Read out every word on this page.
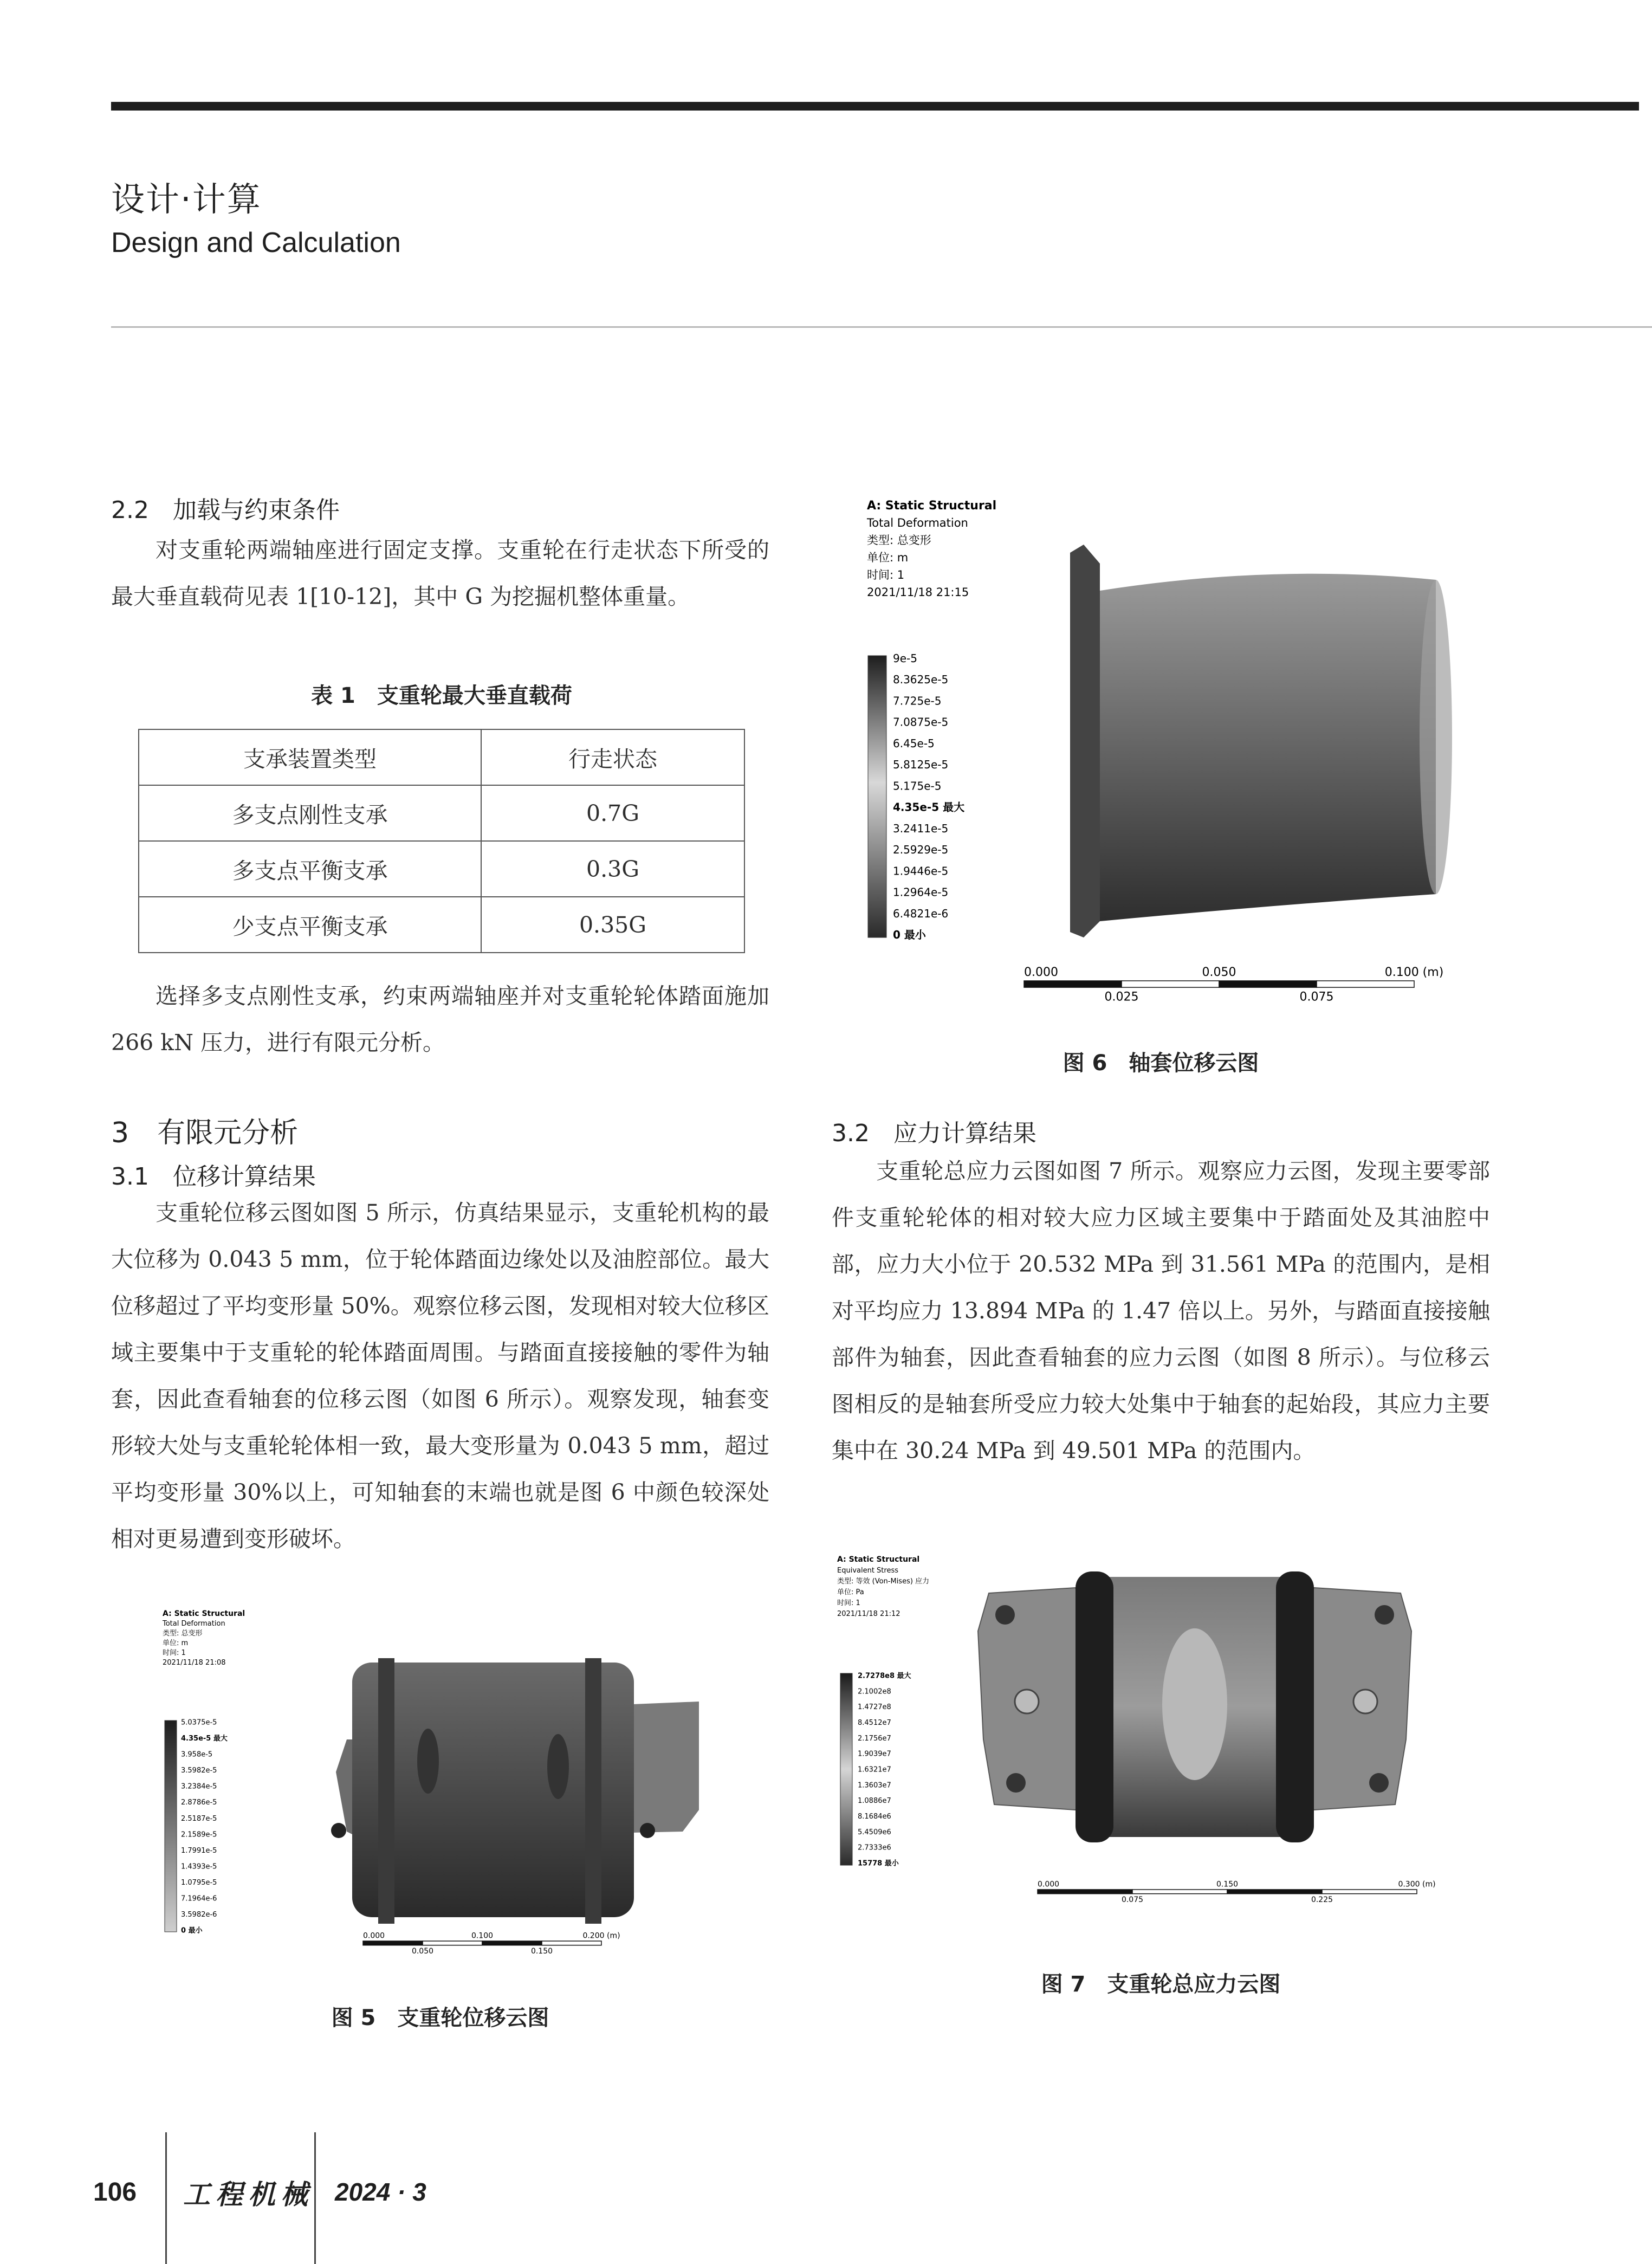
设计·计算
Design and Calculation
2.2　加载与约束条件

对支重轮两端轴座进行固定支撑。支重轮在行走状态下所受的最大垂直载荷见表 1[10-12]，其中 G 为挖掘机整体重量。

表 1　支重轮最大垂直载荷
支承装置类型	行走状态
多支点刚性支承	0.7G
多支点平衡支承	0.3G
少支点平衡支承	0.35G

选择多支点刚性支承，约束两端轴座并对支重轮轮体踏面施加 266 kN 压力，进行有限元分析。

3　有限元分析
3.1　位移计算结果

支重轮位移云图如图 5 所示，仿真结果显示，支重轮机构的最大位移为 0.043 5 mm，位于轮体踏面边缘处以及油腔部位。最大位移超过了平均变形量 50%。观察位移云图，发现相对较大位移区域主要集中于支重轮的轮体踏面周围。与踏面直接接触的零件为轴套，因此查看轴套的位移云图（如图 6 所示）。观察发现，轴套变形较大处与支重轮轮体相一致，最大变形量为 0.043 5 mm，超过平均变形量 30%以上，可知轴套的末端也就是图 6 中颜色较深处相对更易遭到变形破坏。

A: Static Structural
Total Deformation
类型: 总变形
单位: m
时间: 1
2021/11/18 21:08
5.0375e-5
4.35e-5 最大
3.958e-5
3.5982e-5
3.2384e-5
2.8786e-5
2.5187e-5
2.1589e-5
1.7991e-5
1.4393e-5
1.0795e-5
7.1964e-6
3.5982e-6
0 最小
0.000	0.100	0.200 (m)
0.050	0.150
图 5　支重轮位移云图
A: Static Structural
Total Deformation
类型: 总变形
单位: m
时间: 1
2021/11/18 21:15
9e-5
8.3625e-5
7.725e-5
7.0875e-5
6.45e-5
5.8125e-5
5.175e-5
4.35e-5 最大
3.2411e-5
2.5929e-5
1.9446e-5
1.2964e-5
6.4821e-6
0 最小
0.000	0.050	0.100 (m)
0.025	0.075
图 6　轴套位移云图
3.2　应力计算结果

支重轮总应力云图如图 7 所示。观察应力云图，发现主要零部件支重轮轮体的相对较大应力区域主要集中于踏面处及其油腔中部，应力大小位于 20.532 MPa 到 31.561 MPa 的范围内，是相对平均应力 13.894 MPa 的 1.47 倍以上。另外，与踏面直接接触部件为轴套，因此查看轴套的应力云图（如图 8 所示）。与位移云图相反的是轴套所受应力较大处集中于轴套的起始段，其应力主要集中在 30.24 MPa 到 49.501 MPa 的范围内。

A: Static Structural
Equivalent Stress
类型: 等效 (Von-Mises) 应力
单位: Pa
时间: 1
2021/11/18 21:12
2.7278e8 最大
2.1002e8
1.4727e8
8.4512e7
2.1756e7
1.9039e7
1.6321e7
1.3603e7
1.0886e7
8.1684e6
5.4509e6
2.7333e6
15778 最小
0.000	0.150	0.300 (m)
0.075	0.225
图 7　支重轮总应力云图
106 工程机械 2024 · 3
